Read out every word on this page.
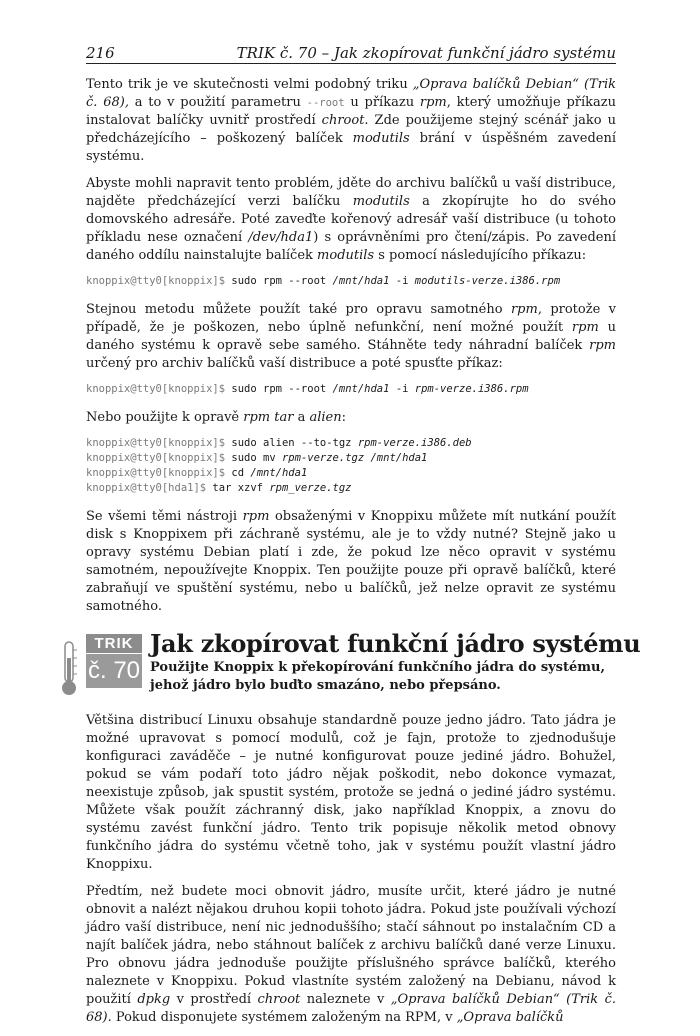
216	TRIK č. 70 – Jak zkopírovat funkční jádro systému

Tento trik je ve skutečnosti velmi podobný triku „Oprava balíčků Debian“ (Trik č. 68), a to v použití parametru --root u příkazu rpm, který umožňuje příkazu instalovat balíčky uvnitř prostředí chroot. Zde použijeme stejný scénář jako u předcházejícího – poškozený balíček modutils brání v úspěšném zavedení systému.

Abyste mohli napravit tento problém, jděte do archivu balíčků u vaší distribuce, najděte předcházející verzi balíčku modutils a zkopírujte ho do svého domovského adresáře. Poté zaveďte kořenový adresář vaší distribuce (u tohoto příkladu nese označení /dev/hda1) s oprávněními pro čtení/zápis. Po zavedení daného oddílu nainstalujte balíček modutils s pomocí následujícího příkazu:

knoppix@tty0[knoppix]$ sudo rpm --root /mnt/hda1 -i modutils-verze.i386.rpm

Stejnou metodu můžete použít také pro opravu samotného rpm, protože v případě, že je poškozen, nebo úplně nefunkční, není možné použít rpm u daného systému k opravě sebe samého. Stáhněte tedy náhradní balíček rpm určený pro archiv balíčků vaší distribuce a poté spusťte příkaz:

knoppix@tty0[knoppix]$ sudo rpm --root /mnt/hda1 -i rpm-verze.i386.rpm

Nebo použijte k opravě rpm tar a alien:

knoppix@tty0[knoppix]$ sudo alien --to-tgz rpm-verze.i386.deb
knoppix@tty0[knoppix]$ sudo mv rpm-verze.tgz /mnt/hda1
knoppix@tty0[knoppix]$ cd /mnt/hda1
knoppix@tty0[hda1]$ tar xzvf rpm_verze.tgz

Se všemi těmi nástroji rpm obsaženými v Knoppixu můžete mít nutkání použít disk s Knoppixem při záchraně systému, ale je to vždy nutné? Stejně jako u opravy systému Debian platí i zde, že pokud lze něco opravit v systému samotném, nepoužívejte Knoppix. Ten použijte pouze při opravě balíčků, které zabraňují ve spuštění systému, nebo u balíčků, jež nelze opravit ze systému samotného.

TRIK
č. 70
Jak zkopírovat funkční jádro systému
Použijte Knoppix k překopírování funkčního jádra do systému, jehož jádro bylo buďto smazáno, nebo přepsáno.

Většina distribucí Linuxu obsahuje standardně pouze jedno jádro. Tato jádra je možné upravovat s pomocí modulů, což je fajn, protože to zjednodušuje konfiguraci zaváděče – je nutné konfigurovat pouze jediné jádro. Bohužel, pokud se vám podaří toto jádro nějak poškodit, nebo dokonce vymazat, neexistuje způsob, jak spustit systém, protože se jedná o jediné jádro systému. Můžete však použít záchranný disk, jako například Knoppix, a znovu do systému zavést funkční jádro. Tento trik popisuje několik metod obnovy funkčního jádra do systému včetně toho, jak v systému použít vlastní jádro Knoppixu.

Předtím, než budete moci obnovit jádro, musíte určit, které jádro je nutné obnovit a nalézt nějakou druhou kopii tohoto jádra. Pokud jste používali výchozí jádro vaší distribuce, není nic jednoduššího; stačí sáhnout po instalačním CD a najít balíček jádra, nebo stáhnout balíček z archivu balíčků dané verze Linuxu. Pro obnovu jádra jednoduše použijte příslušného správce balíčků, kterého naleznete v Knoppixu. Pokud vlastníte systém založený na Debianu, návod k použití dpkg v prostředí chroot naleznete v „Oprava balíčků Debian“ (Trik č. 68). Pokud disponujete systémem založeným na RPM, v „Oprava balíčků
